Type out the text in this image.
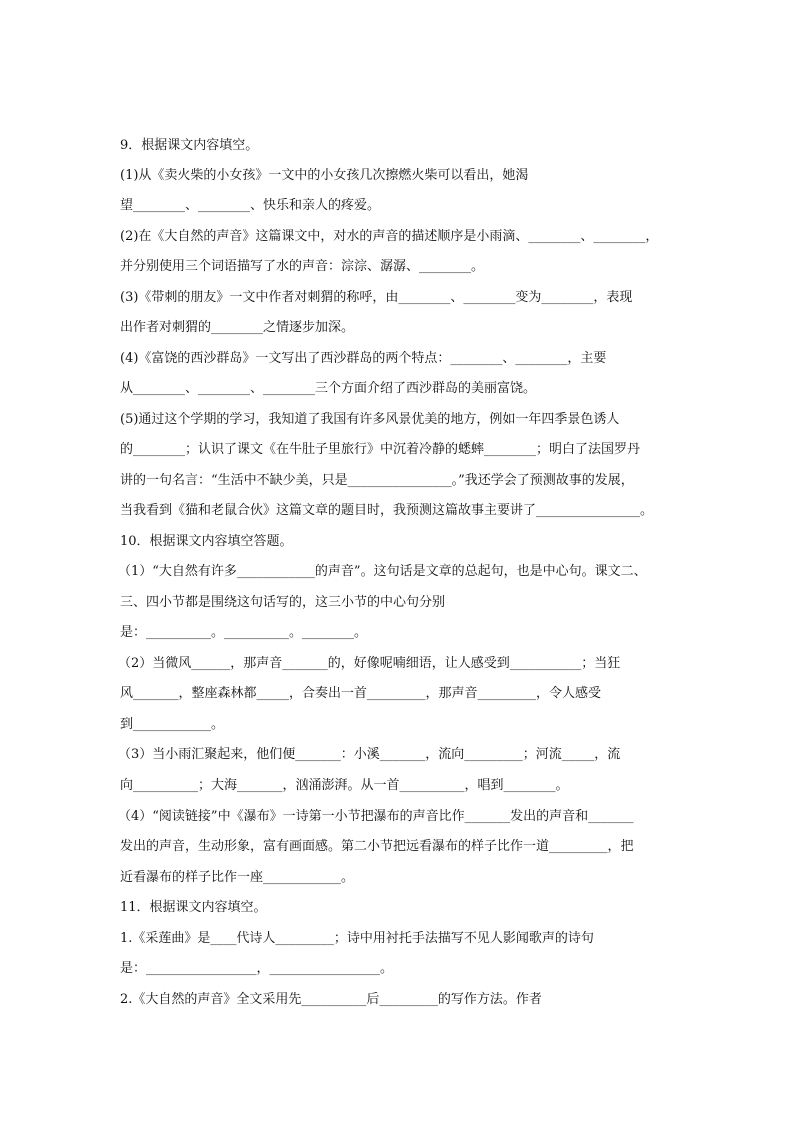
9．根据课文内容填空。
(1)从《卖火柴的小女孩》一文中的小女孩几次擦燃火柴可以看出，她渴
望________、________、快乐和亲人的疼爱。
(2)在《大自然的声音》这篇课文中，对水的声音的描述顺序是小雨滴、________、________，
并分别使用三个词语描写了水的声音：淙淙、潺潺、________。
(3)《带刺的朋友》一文中作者对刺猬的称呼，由________、________变为________，表现
出作者对刺猬的________之情逐步加深。
(4)《富饶的西沙群岛》一文写出了西沙群岛的两个特点：________、________，主要
从________、________、________三个方面介绍了西沙群岛的美丽富饶。
(5)通过这个学期的学习，我知道了我国有许多风景优美的地方，例如一年四季景色诱人
的________；认识了课文《在牛肚子里旅行》中沉着冷静的蟋蟀________；明白了法国罗丹
讲的一句名言：“生活中不缺少美，只是________________。”我还学会了预测故事的发展，
当我看到《猫和老鼠合伙》这篇文章的题目时，我预测这篇故事主要讲了________________。
10．根据课文内容填空答题。
（1）“大自然有许多____________的声音”。这句话是文章的总起句，也是中心句。课文二、
三、四小节都是围绕这句话写的，这三小节的中心句分别
是：__________。__________。________。
（2）当微风______，那声音_______的，好像呢喃细语，让人感受到___________；当狂
风_______，整座森林都_____，合奏出一首_________，那声音_________，令人感受
到____________。
（3）当小雨汇聚起来，他们便_______：小溪_______，流向_________；河流_____，流
向__________；大海_______，汹涌澎湃。从一首__________，唱到________。
（4）“阅读链接”中《瀑布》一诗第一小节把瀑布的声音比作_______发出的声音和_______
发出的声音，生动形象，富有画面感。第二小节把远看瀑布的样子比作一道_________，把
近看瀑布的样子比作一座____________。
11．根据课文内容填空。
1.《采莲曲》是____代诗人_________；诗中用衬托手法描写不见人影闻歌声的诗句
是：_________________，_________________。
2.《大自然的声音》全文采用先__________后_________的写作方法。作者
